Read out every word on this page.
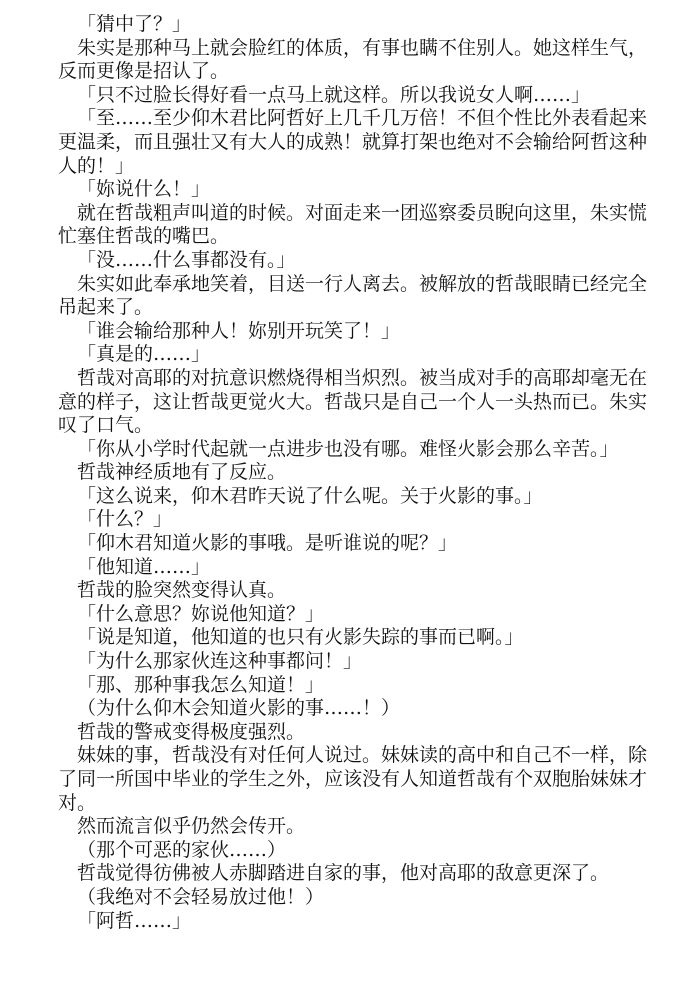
「猜中了？」

朱实是那种马上就会脸红的体质，有事也瞒不住别人。她这样生气，反而更像是招认了。

「只不过脸长得好看一点马上就这样。所以我说女人啊……」

「至……至少仰木君比阿哲好上几千几万倍！不但个性比外表看起来更温柔，而且强壮又有大人的成熟！就算打架也绝对不会输给阿哲这种人的！」

「妳说什么！」

就在哲哉粗声叫道的时候。对面走来一团巡察委员睨向这里，朱实慌忙塞住哲哉的嘴巴。

「没……什么事都没有。」

朱实如此奉承地笑着，目送一行人离去。被解放的哲哉眼睛已经完全吊起来了。

「谁会输给那种人！妳别开玩笑了！」

「真是的……」

哲哉对高耶的对抗意识燃烧得相当炽烈。被当成对手的高耶却毫无在意的样子，这让哲哉更觉火大。哲哉只是自己一个人一头热而已。朱实叹了口气。

「你从小学时代起就一点进步也没有哪。难怪火影会那么辛苦。」

哲哉神经质地有了反应。

「这么说来，仰木君昨天说了什么呢。关于火影的事。」

「什么？」

「仰木君知道火影的事哦。是听谁说的呢？」

「他知道……」

哲哉的脸突然变得认真。

「什么意思？妳说他知道？」

「说是知道，他知道的也只有火影失踪的事而已啊。」

「为什么那家伙连这种事都问！」

「那、那种事我怎么知道！」

（为什么仰木会知道火影的事……！）

哲哉的警戒变得极度强烈。

妹妹的事，哲哉没有对任何人说过。妹妹读的高中和自己不一样，除了同一所国中毕业的学生之外，应该没有人知道哲哉有个双胞胎妹妹才对。

然而流言似乎仍然会传开。

（那个可恶的家伙……）

哲哉觉得彷佛被人赤脚踏进自家的事，他对高耶的敌意更深了。

（我绝对不会轻易放过他！）

「阿哲……」
